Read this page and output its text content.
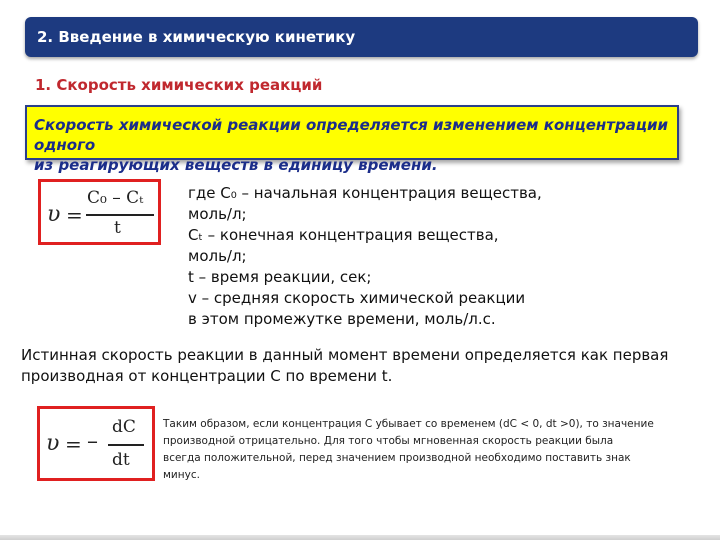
2. Введение в химическую кинетику
1. Скорость химических реакций
Скорость химической реакции определяется изменением концентрации одного
из реагирующих веществ в единицу времени.
υ =
C₀ – Cₜ
t
где C₀ – начальная концентрация вещества,
моль/л;
Cₜ – конечная концентрация вещества,
моль/л;
t – время реакции, сек;
v – средняя скорость химической реакции
в этом промежутке времени, моль/л.с.
Истинная скорость реакции в данный момент времени определяется как первая
производная от концентрации C по времени t.
υ = –
dC
dt
Таким образом, если концентрация C убывает со временем (dC < 0, dt >0), то значение
производной отрицательно. Для того чтобы мгновенная скорость реакции была
всегда положительной, перед значением производной необходимо поставить знак
минус.
